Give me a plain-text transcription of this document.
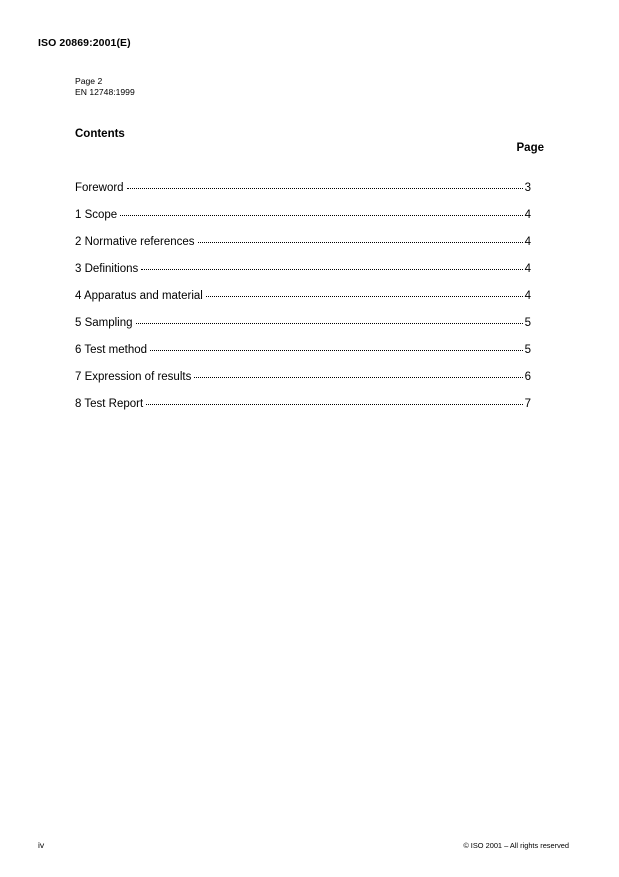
ISO 20869:2001(E)
Page 2
EN 12748:1999
Contents
Page
Foreword	3
1 Scope	4
2 Normative references	4
3 Definitions	4
4 Apparatus and material	4
5 Sampling	5
6 Test method	5
7 Expression of results	6
8 Test Report	7
iv	© ISO 2001 – All rights reserved
